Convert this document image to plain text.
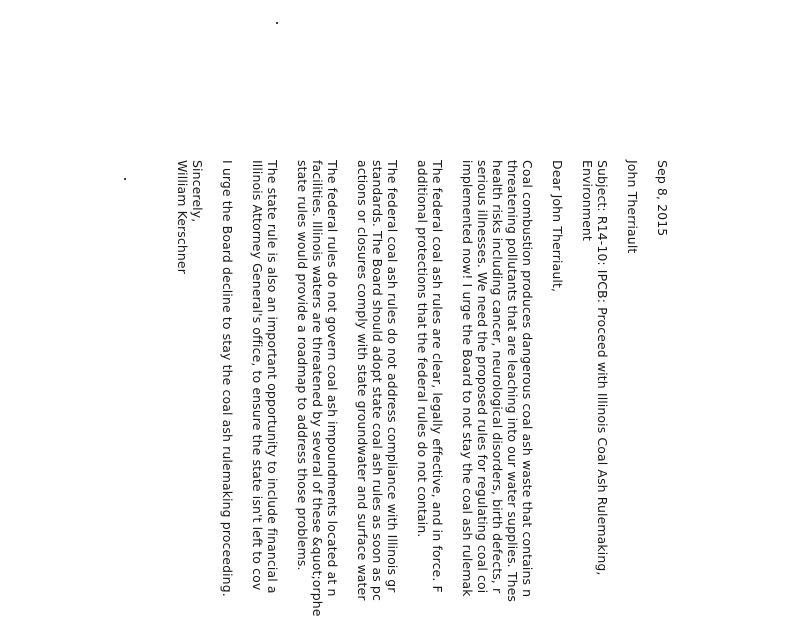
Sep 8, 2015

John Therriault

Subject: R14-10: IPCB: Proceed with Illinois Coal Ash Rulemaking,

Environment

Dear John Therriault,

Coal combustion produces dangerous coal ash waste that contains n

threatening pollutants that are leaching into our water supplies. Thes

health risks including cancer, neurological disorders, birth defects, r

serious illnesses. We need the proposed rules for regulating coal coi

implemented now! I urge the Board to not stay the coal ash rulemak

The federal coal ash rules are clear, legally effective, and in force. F

additional protections that the federal rules do not contain.

The federal coal ash rules do not address compliance with Illinois gr

standards. The Board should adopt state coal ash rules as soon as pc

actions or closures comply with state groundwater and surface water

The federal rules do not govern coal ash impoundments located at n

facilities. Illinois waters are threatened by several of these &quot;orphe

state rules would provide a roadmap to address those problems.

The state rule is also an important opportunity to include financial a

Illinois Attorney General's office, to ensure the state isn't left to cov

I urge the Board decline to stay the coal ash rulemaking proceeding.

Sincerely,

William Kerschner
